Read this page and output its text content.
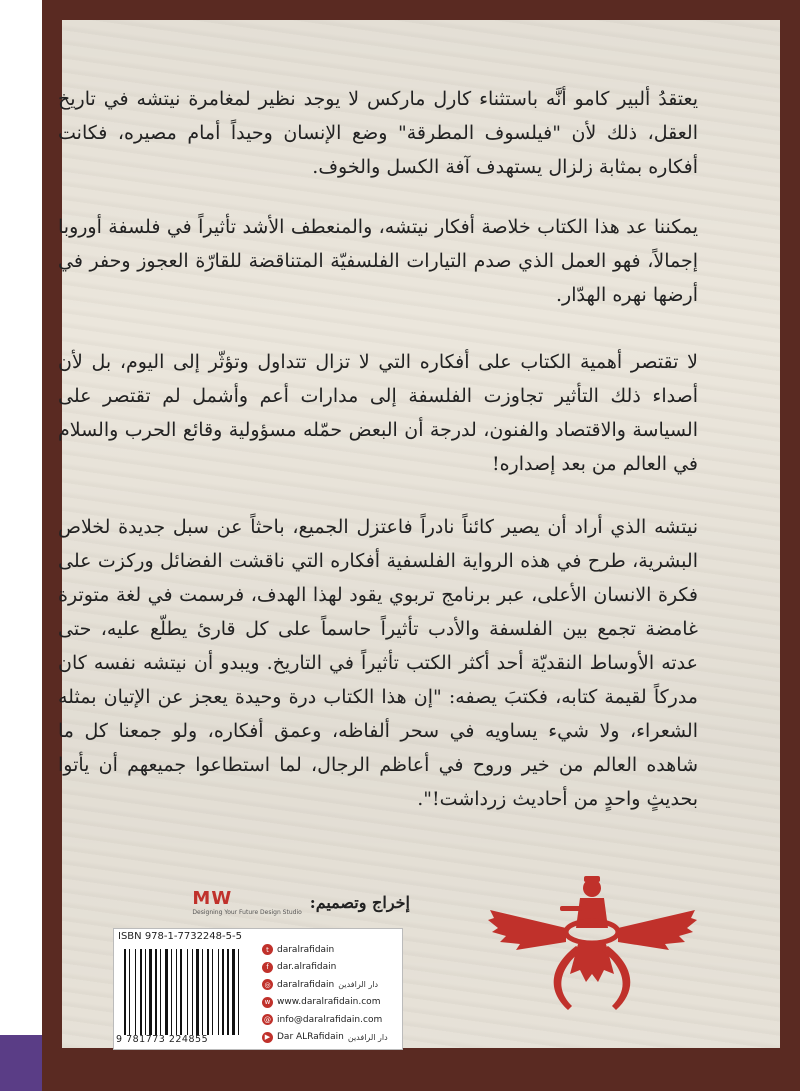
يعتقدُ ألبير كامو أنَّه باستثناء كارل ماركس لا يوجد نظير لمغامرة نيتشه في تاريخ العقل، ذلك لأن "فيلسوف المطرقة" وضع الإنسان وحيداً أمام مصيره، فكانت أفكاره بمثابة زلزال يستهدف آفة الكسل والخوف.

يمكننا عد هذا الكتاب خلاصة أفكار نيتشه، والمنعطف الأشد تأثيراً في فلسفة أوروبا إجمالاً، فهو العمل الذي صدم التيارات الفلسفيّة المتناقضة للقارّة العجوز وحفر في أرضها نهره الهدّار.

لا تقتصر أهمية الكتاب على أفكاره التي لا تزال تتداول وتؤثّر إلى اليوم، بل لأن أصداء ذلك التأثير تجاوزت الفلسفة إلى مدارات أعم وأشمل لم تقتصر على السياسة والاقتصاد والفنون، لدرجة أن البعض حمّله مسؤولية وقائع الحرب والسلام في العالم من بعد إصداره!

نيتشه الذي أراد أن يصير كائناً نادراً فاعتزل الجميع، باحثاً عن سبل جديدة لخلاص البشرية، طرح في هذه الرواية الفلسفية أفكاره التي ناقشت الفضائل وركزت على فكرة الانسان الأعلى، عبر برنامج تربوي يقود لهذا الهدف، فرسمت في لغة متوترة غامضة تجمع بين الفلسفة والأدب تأثيراً حاسماً على كل قارئ يطلّع عليه، حتى عدته الأوساط النقديّة أحد أكثر الكتب تأثيراً في التاريخ. ويبدو أن نيتشه نفسه كان مدركاً لقيمة كتابه، فكتبَ يصفه: "إن هذا الكتاب درة وحيدة يعجز عن الإتيان بمثله الشعراء، ولا شيء يساويه في سحر ألفاظه، وعمق أفكاره، ولو جمعنا كل ما شاهده العالم من خير وروح في أعاظم الرجال، لما استطاعوا جميعهم أن يأتوا بحديثٍ واحدٍ من أحاديث زرداشت!".

إخراج وتصميم:
MW
Designing Your Future Design Studio
ISBN 978-1-7732248-5-5
9 781773 224855
t daralrafidain
f dar.alrafidain
◎ daralrafidain دار الرافدين
w www.daralrafidain.com
@ info@daralrafidain.com
▶ Dar ALRafidain دار الرافدين
